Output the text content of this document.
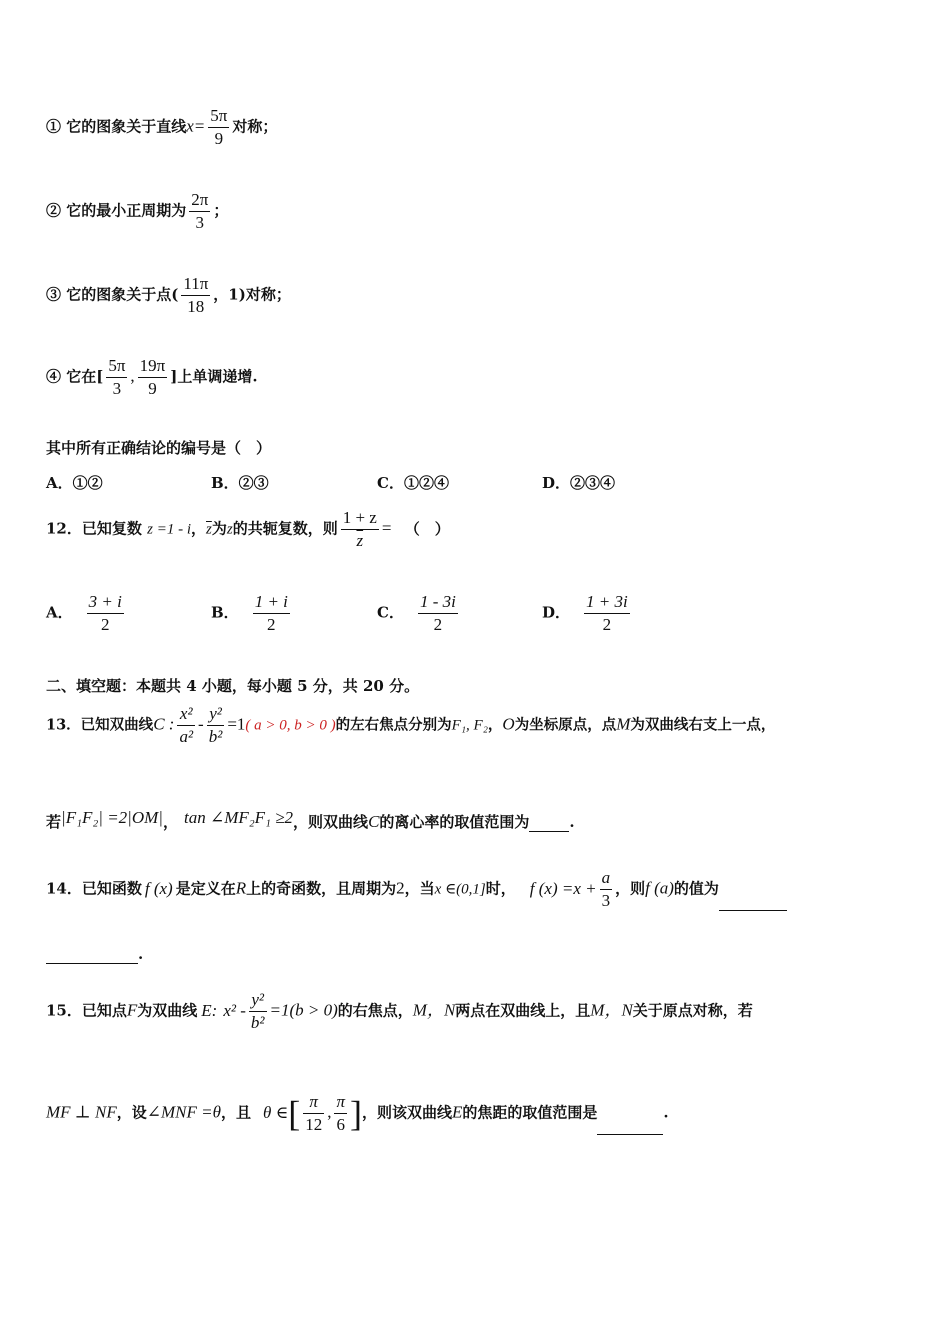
① 它的图象关于直线$x= \frac{5\pi}{9}$ 对称；
② 它的最小正周期为 $\frac{2\pi}{3}$ ；
③ 它的图象关于点( $\frac{11\pi}{18}$ ，1)对称；
④ 它在[ $\frac{5\pi}{3}$ , $\frac{19\pi}{9}$ ]上单调递增.
其中所有正确结论的编号是（　）
A．①②	B．②③	C．①②④	D．②③④
12．已知复数 z =1 - i，$\overline{z}$为z的共轭复数，则 $\frac{1 + z}{z}$ = （　）
A． $\frac{3 + i}{2}$	B． $\frac{1 + i}{2}$	C． $\frac{1 - 3i}{2}$	D． $\frac{1 + 3i}{2}$
二、填空题：本题共 4 小题，每小题 5 分，共 20 分。
13．已知双曲线C : $\frac{\text{x²}}{\text{a²}} - \frac{\text{y²}}{\text{b²}} =1$( a > 0, b > 0 )的左右焦点分别为F₁, F₂，O为坐标原点，点M为双曲线右支上一点，
若|F₁F₂| =2|OM|， tan ∠MF₂F₁ ≥2，则双曲线C的离心率的取值范围为	.
14．已知函数 f (x) 是定义在R上的奇函数，且周期为2，当x ∈(0,1]时， f $(x) =x + \frac{a}{3}$ ，则f (a)的值为
.
15．已知点F为双曲线 E: $x^2 - \frac{\text{y²}}{\text{b²}} =1(b > 0)$的右焦点，M，N两点在双曲线上，且M，N关于原点对称，若
MF ⊥ NF，设∠MNF =θ，且 θ ∈[ $\frac{\pi}{12}$ , $\frac{\pi}{6}$ ]，则该双曲线E的焦距的取值范围是	.
